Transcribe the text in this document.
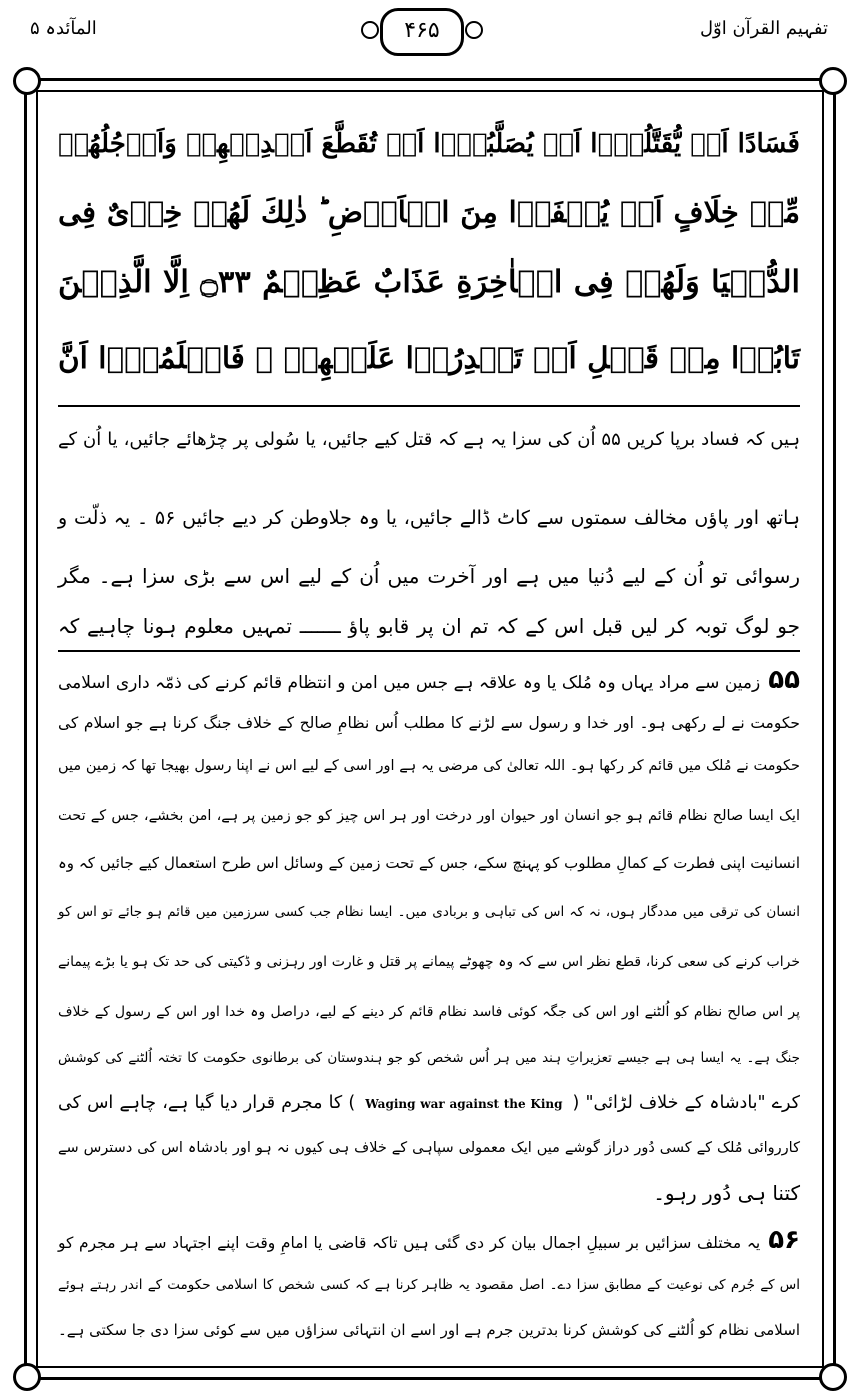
المآئدہ ۵	۴۶۵	تفہیم القرآن اوّل
فَسَادًا اَنۡ يُّقَتَّلُوۡۤا اَوۡ يُصَلَّبُوۡۤا اَوۡ تُقَطَّعَ اَيۡدِيۡهِمۡ وَاَرۡجُلُهُمۡ
مِّنۡ خِلَافٍ اَوۡ يُنۡفَوۡا مِنَ الۡاَرۡضِ ؕ ذٰلِكَ لَهُمۡ خِزۡىٌ فِى
الدُّنۡيَا وَلَهُمۡ فِى الۡاٰخِرَةِ عَذَابٌ عَظِيۡمٌ ۝۳۳ اِلَّا الَّذِيۡنَ
تَابُوۡا مِنۡ قَبۡلِ اَنۡ تَقۡدِرُوۡا عَلَيۡهِمۡ ۚ فَاعۡلَمُوۡۤا اَنَّ
ہیں کہ فساد برپا کریں ۵۵ اُن کی سزا یہ ہے کہ قتل کیے جائیں، یا سُولی پر چڑھائے جائیں، یا اُن کے
ہاتھ اور پاؤں مخالف سمتوں سے کاٹ ڈالے جائیں، یا وہ جلاوطن کر دیے جائیں ۵۶ ۔ یہ ذلّت و
رسوائی تو اُن کے لیے دُنیا میں ہے اور آخرت میں اُن کے لیے اس سے بڑی سزا ہے۔ مگر
جو لوگ توبہ کر لیں قبل اس کے کہ تم ان پر قابو پاؤ ـــــــ تمہیں معلوم ہونا چاہیے کہ
۵۵زمین سے مراد یہاں وہ مُلک یا وہ علاقہ ہے جس میں امن و انتظام قائم کرنے کی ذمّہ داری اسلامی
حکومت نے لے رکھی ہو۔ اور خدا و رسول سے لڑنے کا مطلب اُس نظامِ صالح کے خلاف جنگ کرنا ہے جو اسلام کی
حکومت نے مُلک میں قائم کر رکھا ہو۔ اللہ تعالیٰ کی مرضی یہ ہے اور اسی کے لیے اس نے اپنا رسول بھیجا تھا کہ زمین میں
ایک ایسا صالح نظام قائم ہو جو انسان اور حیوان اور درخت اور ہر اس چیز کو جو زمین پر ہے، امن بخشے، جس کے تحت
انسانیت اپنی فطرت کے کمالِ مطلوب کو پہنچ سکے، جس کے تحت زمین کے وسائل اس طرح استعمال کیے جائیں کہ وہ
انسان کی ترقی میں مددگار ہوں، نہ کہ اس کی تباہی و بربادی میں۔ ایسا نظام جب کسی سرزمین میں قائم ہو جائے تو اس کو
خراب کرنے کی سعی کرنا، قطع نظر اس سے کہ وہ چھوٹے پیمانے پر قتل و غارت اور رہزنی و ڈکیتی کی حد تک ہو یا بڑے پیمانے
پر اس صالح نظام کو اُلٹنے اور اس کی جگہ کوئی فاسد نظام قائم کر دینے کے لیے، دراصل وہ خدا اور اس کے رسول کے خلاف
جنگ ہے۔ یہ ایسا ہی ہے جیسے تعزیراتِ ہند میں ہر اُس شخص کو جو ہندوستان کی برطانوی حکومت کا تختہ اُلٹنے کی کوشش
کرے "بادشاہ کے خلاف لڑائی" (Waging war against the King) کا مجرم قرار دیا گیا ہے، چاہے اس کی
کارروائی مُلک کے کسی دُور دراز گوشے میں ایک معمولی سپاہی کے خلاف ہی کیوں نہ ہو اور بادشاہ اس کی دسترس سے
کتنا ہی دُور رہو۔
۵۶یہ مختلف سزائیں بر سبیلِ اجمال بیان کر دی گئی ہیں تاکہ قاضی یا امامِ وقت اپنے اجتہاد سے ہر مجرم کو
اس کے جُرم کی نوعیت کے مطابق سزا دے۔ اصل مقصود یہ ظاہر کرنا ہے کہ کسی شخص کا اسلامی حکومت کے اندر رہتے ہوئے
اسلامی نظام کو اُلٹنے کی کوشش کرنا بدترین جرم ہے اور اسے ان انتہائی سزاؤں میں سے کوئی سزا دی جا سکتی ہے۔
